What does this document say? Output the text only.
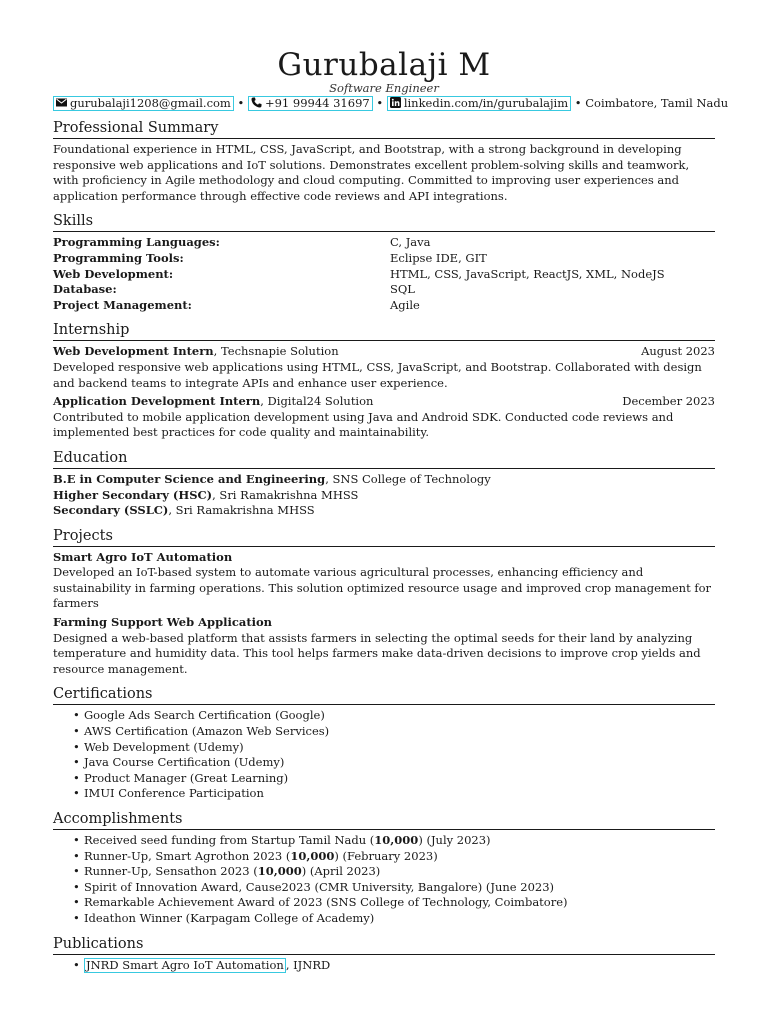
Gurubalaji M
Software Engineer
gurubalaji1208@gmail.com • +91 99944 31697 • linkedin.com/in/gurubalajim • Coimbatore, Tamil Nadu
Professional Summary
Foundational experience in HTML, CSS, JavaScript, and Bootstrap, with a strong background in developing responsive web applications and IoT solutions. Demonstrates excellent problem-solving skills and teamwork, with proficiency in Agile methodology and cloud computing. Committed to improving user experiences and application performance through effective code reviews and API integrations.
Skills
Programming Languages:	C, Java
Programming Tools:	Eclipse IDE, GIT
Web Development:	HTML, CSS, JavaScript, ReactJS, XML, NodeJS
Database:	SQL
Project Management:	Agile
Internship
Web Development Intern, Techsnapie Solution	August 2023
Developed responsive web applications using HTML, CSS, JavaScript, and Bootstrap. Collaborated with design and backend teams to integrate APIs and enhance user experience.
Application Development Intern, Digital24 Solution	December 2023
Contributed to mobile application development using Java and Android SDK. Conducted code reviews and implemented best practices for code quality and maintainability.
Education
B.E in Computer Science and Engineering, SNS College of Technology
Higher Secondary (HSC), Sri Ramakrishna MHSS
Secondary (SSLC), Sri Ramakrishna MHSS
Projects
Smart Agro IoT Automation
Developed an IoT-based system to automate various agricultural processes, enhancing efficiency and sustainability in farming operations. This solution optimized resource usage and improved crop management for farmers
Farming Support Web Application
Designed a web-based platform that assists farmers in selecting the optimal seeds for their land by analyzing temperature and humidity data. This tool helps farmers make data-driven decisions to improve crop yields and resource management.
Certifications
• Google Ads Search Certification (Google)
• AWS Certification (Amazon Web Services)
• Web Development (Udemy)
• Java Course Certification (Udemy)
• Product Manager (Great Learning)
• IMUI Conference Participation
Accomplishments
• Received seed funding from Startup Tamil Nadu (10,000) (July 2023)
• Runner-Up, Smart Agrothon 2023 (10,000) (February 2023)
• Runner-Up, Sensathon 2023 (10,000) (April 2023)
• Spirit of Innovation Award, Cause2023 (CMR University, Bangalore) (June 2023)
• Remarkable Achievement Award of 2023 (SNS College of Technology, Coimbatore)
• Ideathon Winner (Karpagam College of Academy)
Publications
• JNRD Smart Agro IoT Automation , IJNRD
